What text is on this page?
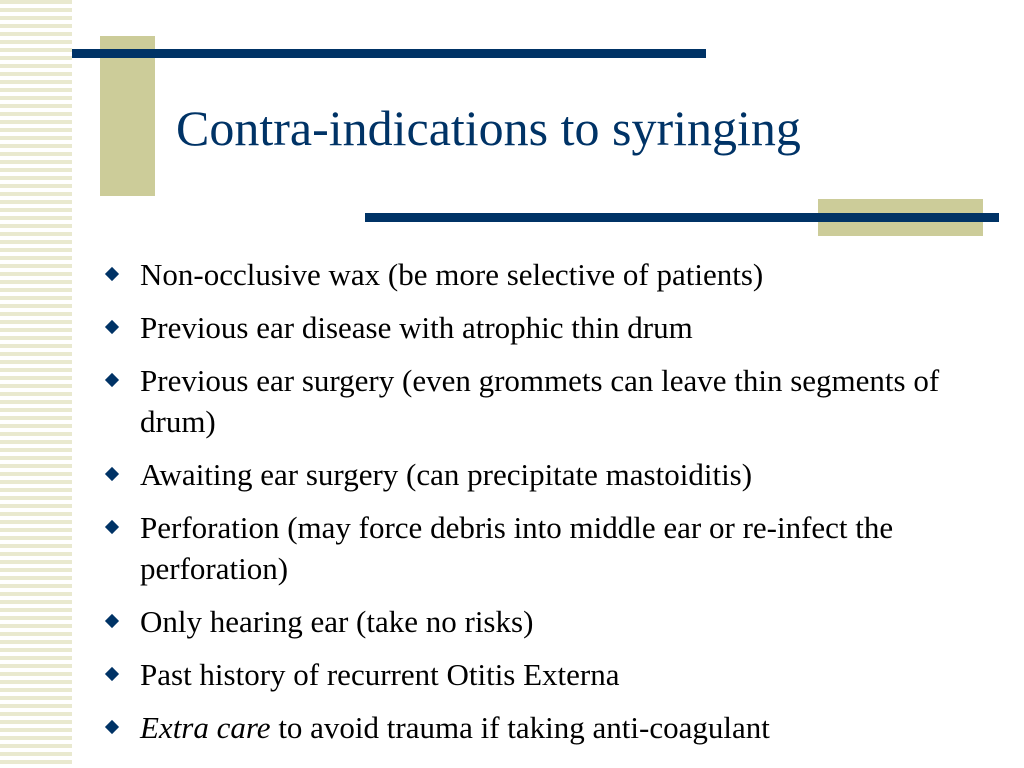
Contra-indications to syringing
Non-occlusive wax (be more selective of patients)
Previous ear disease with atrophic thin drum
Previous ear surgery (even grommets can leave thin segments of drum)
Awaiting ear surgery (can precipitate mastoiditis)
Perforation (may force debris into middle ear or re-infect the perforation)
Only hearing ear (take no risks)
Past history of recurrent Otitis Externa
Extra care to avoid trauma if taking anti-coagulant
